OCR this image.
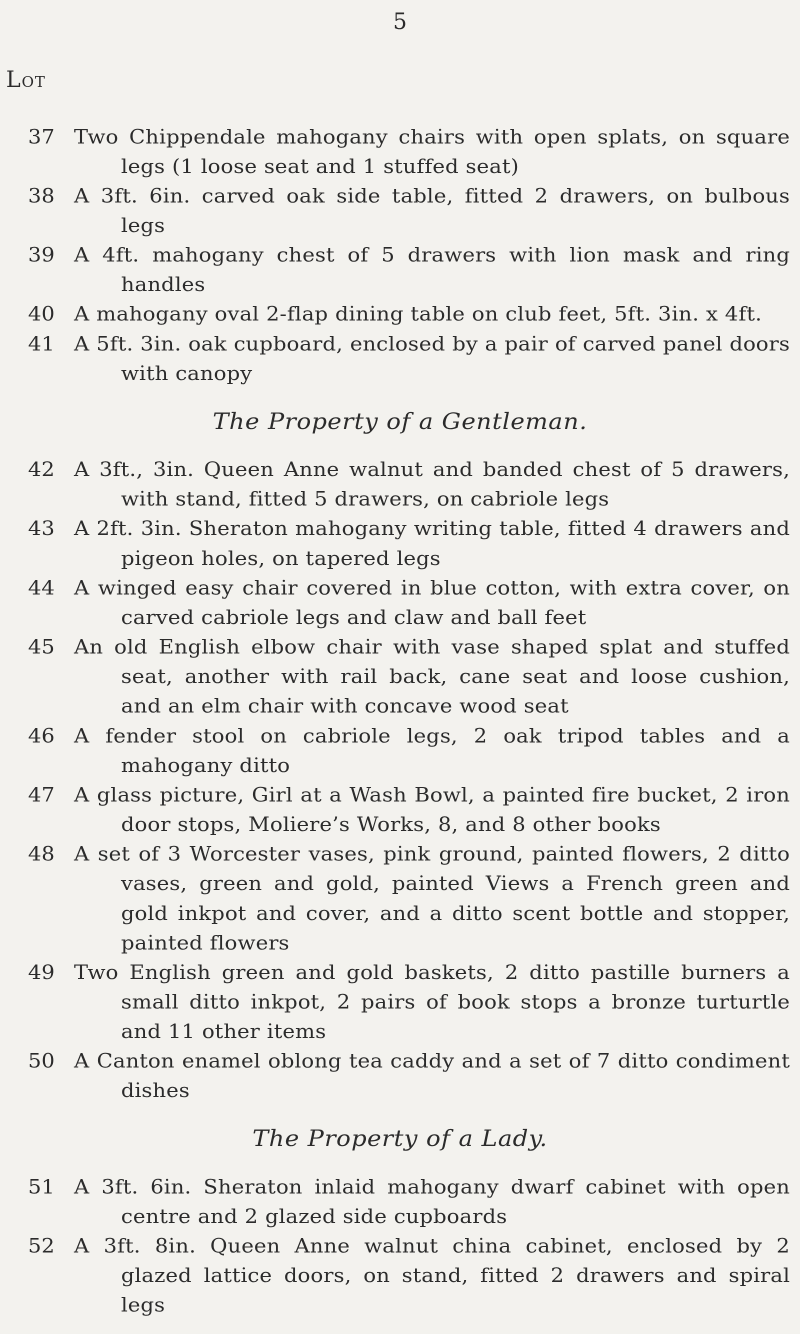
5
Lot
37 Two Chippendale mahogany chairs with open splats, on square legs (1 loose seat and 1 stuffed seat)
38 A 3ft. 6in. carved oak side table, fitted 2 drawers, on bulbous legs
39 A 4ft. mahogany chest of 5 drawers with lion mask and ring handles
40 A mahogany oval 2-flap dining table on club feet, 5ft. 3in. x 4ft.
41 A 5ft. 3in. oak cupboard, enclosed by a pair of carved panel doors with canopy
The Property of a Gentleman.
42 A 3ft., 3in. Queen Anne walnut and banded chest of 5 drawers, with stand, fitted 5 drawers, on cabriole legs
43 A 2ft. 3in. Sheraton mahogany writing table, fitted 4 drawers and pigeon holes, on tapered legs
44 A winged easy chair covered in blue cotton, with extra cover, on carved cabriole legs and claw and ball feet
45 An old English elbow chair with vase shaped splat and stuffed seat, another with rail back, cane seat and loose cushion, and an elm chair with concave wood seat
46 A fender stool on cabriole legs, 2 oak tripod tables and a mahogany ditto
47 A glass picture, Girl at a Wash Bowl, a painted fire bucket, 2 iron door stops, Moliere’s Works, 8, and 8 other books
48 A set of 3 Worcester vases, pink ground, painted flowers, 2 ditto vases, green and gold, painted Views a French green and gold inkpot and cover, and a ditto scent bottle and stopper, painted flowers
49 Two English green and gold baskets, 2 ditto pastille burners a small ditto inkpot, 2 pairs of book stops a bronze turturtle and 11 other items
50 A Canton enamel oblong tea caddy and a set of 7 ditto condiment dishes
The Property of a Lady.
51 A 3ft. 6in. Sheraton inlaid mahogany dwarf cabinet with open centre and 2 glazed side cupboards
52 A 3ft. 8in. Queen Anne walnut china cabinet, enclosed by 2 glazed lattice doors, on stand, fitted 2 drawers and spiral legs
